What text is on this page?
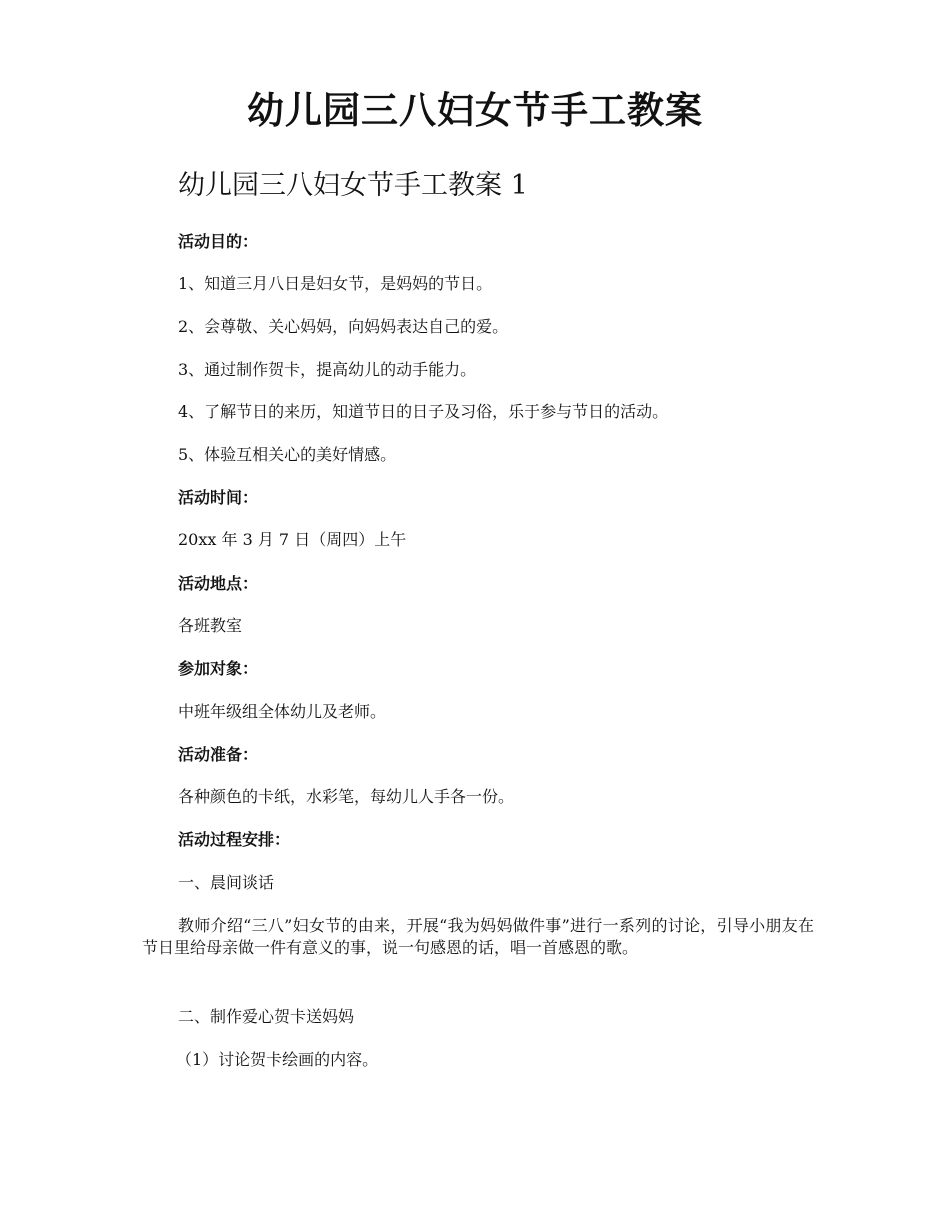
幼儿园三八妇女节手工教案
幼儿园三八妇女节手工教案 1

活动目的：

1、知道三月八日是妇女节，是妈妈的节日。

2、会尊敬、关心妈妈，向妈妈表达自己的爱。

3、通过制作贺卡，提高幼儿的动手能力。

4、了解节日的来历，知道节日的日子及习俗，乐于参与节日的活动。

5、体验互相关心的美好情感。

活动时间：

20xx 年 3 月 7 日（周四）上午

活动地点：

各班教室

参加对象：

中班年级组全体幼儿及老师。

活动准备：

各种颜色的卡纸，水彩笔，每幼儿人手各一份。

活动过程安排：

一、晨间谈话

教师介绍“三八”妇女节的由来，开展“我为妈妈做件事”进行一系列的讨论，引导小朋友在节日里给母亲做一件有意义的事，说一句感恩的话，唱一首感恩的歌。

二、制作爱心贺卡送妈妈

（1）讨论贺卡绘画的内容。
